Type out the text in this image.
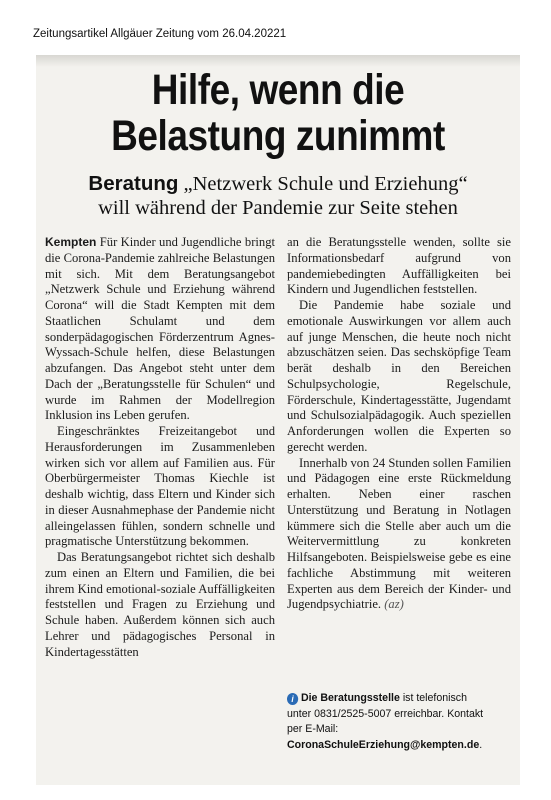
Zeitungsartikel Allgäuer Zeitung vom 26.04.20221
Hilfe, wenn die
Belastung zunimmt
Beratung „Netzwerk Schule und Erziehung“
will während der Pandemie zur Seite stehen

Kempten Für Kinder und Jugendliche bringt die Corona-Pandemie zahlreiche Belastungen mit sich. Mit dem Beratungsangebot „Netzwerk Schule und Erziehung während Corona“ will die Stadt Kempten mit dem Staatlichen Schulamt und dem sonderpädagogischen Förderzentrum Agnes-Wyssach-Schule helfen, diese Belastungen abzufangen. Das Angebot steht unter dem Dach der „Beratungsstelle für Schulen“ und wurde im Rahmen der Modellregion Inklusion ins Leben gerufen.

Eingeschränktes Freizeitangebot und Herausforderungen im Zusammenleben wirken sich vor allem auf Familien aus. Für Oberbürgermeister Thomas Kiechle ist deshalb wichtig, dass Eltern und Kinder sich in dieser Ausnahmephase der Pandemie nicht alleingelassen fühlen, sondern schnelle und pragmatische Unterstützung bekommen.

Das Beratungsangebot richtet sich deshalb zum einen an Eltern und Familien, die bei ihrem Kind emotional-soziale Auffälligkeiten feststellen und Fragen zu Erziehung und Schule haben. Außerdem können sich auch Lehrer und pädagogisches Personal in Kindertagesstätten

an die Beratungsstelle wenden, sollte sie Informationsbedarf aufgrund von pandemiebedingten Auffälligkeiten bei Kindern und Jugendlichen feststellen.

Die Pandemie habe soziale und emotionale Auswirkungen vor allem auch auf junge Menschen, die heute noch nicht abzuschätzen seien. Das sechsköpfige Team berät deshalb in den Bereichen Schulpsychologie, Regelschule, Förderschule, Kindertagesstätte, Jugendamt und Schulsozialpädagogik. Auch speziellen Anforderungen wollen die Experten so gerecht werden.

Innerhalb von 24 Stunden sollen Familien und Pädagogen eine erste Rückmeldung erhalten. Neben einer raschen Unterstützung und Beratung in Notlagen kümmere sich die Stelle aber auch um die Weitervermittlung zu konkreten Hilfsangeboten. Beispielsweise gebe es eine fachliche Abstimmung mit weiteren Experten aus dem Bereich der Kinder- und Jugendpsychiatrie. (az)

i Die Beratungsstelle ist telefonisch unter 0831/2525-5007 erreichbar. Kontakt per E-Mail: CoronaSchuleErziehung@kempten.de.
